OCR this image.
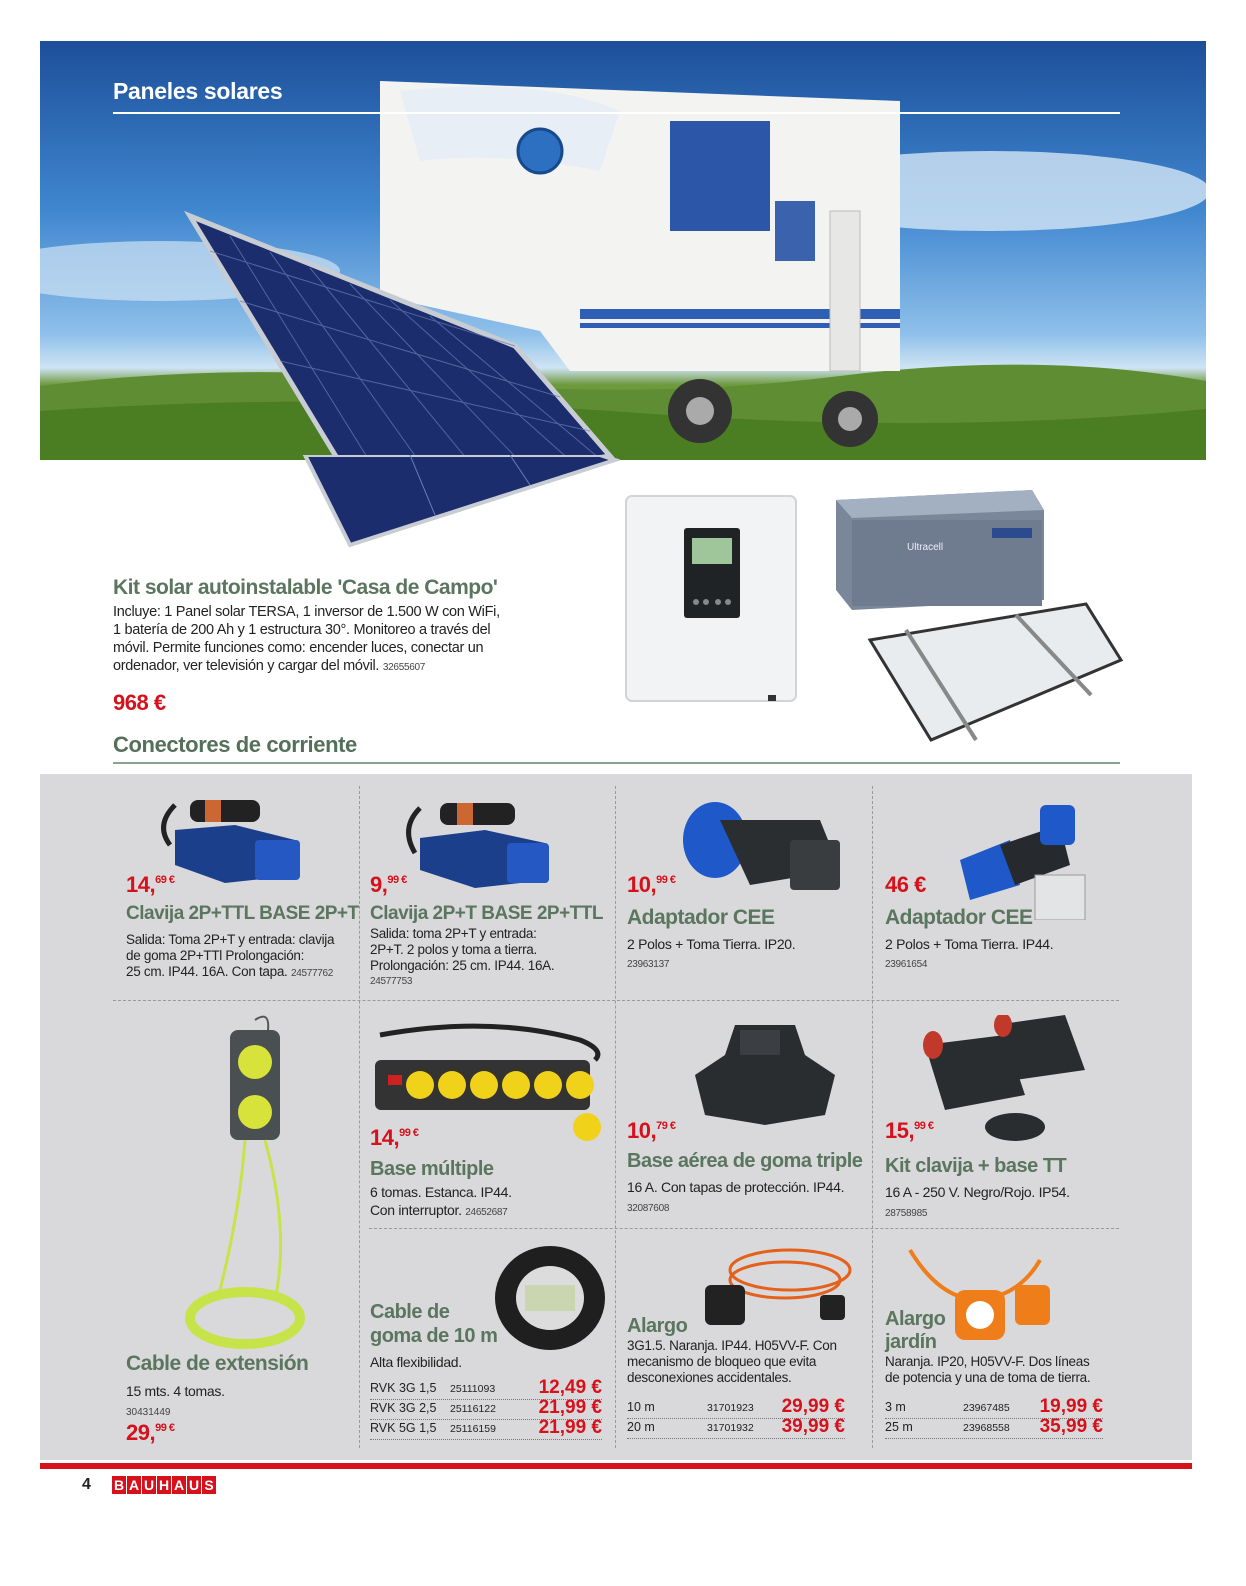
Paneles solares
Kit solar autoinstalable 'Casa de Campo'
Incluye: 1 Panel solar TERSA, 1 inversor de 1.500 W con WiFi,
1 batería de 200 Ah y 1 estructura 30°. Monitoreo a través del
móvil. Permite funciones como: encender luces, conectar un
ordenador, ver televisión y cargar del móvil. 32655607
968 €
Ultracell
Conectores de corriente
14,$^{69 €}$
Clavija 2P+TTL BASE 2P+T
Salida: Toma 2P+T y entrada: clavija
de goma 2P+TTl Prolongación:
25 cm. IP44. 16A. Con tapa. 24577762
9,$^{99 €}$
Clavija 2P+T BASE 2P+TTL
Salida: toma 2P+T y entrada:
2P+T. 2 polos y toma a tierra.
Prolongación: 25 cm. IP44. 16A.
24577753
10,$^{99 €}$
Adaptador CEE
2 Polos + Toma Tierra. IP20.
23963137
46 €
Adaptador CEE
2 Polos + Toma Tierra. IP44.
23961654
Cable de extensión
15 mts. 4 tomas.
30431449
29,$^{99 €}$
14,$^{99 €}$
Base múltiple
6 tomas. Estanca. IP44.
Con interruptor. 24652687
10,$^{79 €}$
Base aérea de goma triple
16 A. Con tapas de protección. IP44.
32087608
15,$^{99 €}$
Kit clavija + base TT
16 A - 250 V. Negro/Rojo. IP54.
28758985
Cable de
goma de 10 m
Alta flexibilidad.
RVK 3G 1,5 25111093 12,49 €
RVK 3G 2,5 25116122 21,99 €
RVK 5G 1,5 25116159 21,99 €
Alargo
3G1.5. Naranja. IP44. H05VV-F. Con
mecanismo de bloqueo que evita
desconexiones accidentales.
10 m	31701923 29,99 €
20 m	31701932 39,99 €
Alargo
jardín
Naranja. IP20, H05VV-F. Dos líneas
de potencia y una de toma de tierra.
3 m	23967485 19,99 €
25 m	23968558 35,99 €
4 B A U H A U S
